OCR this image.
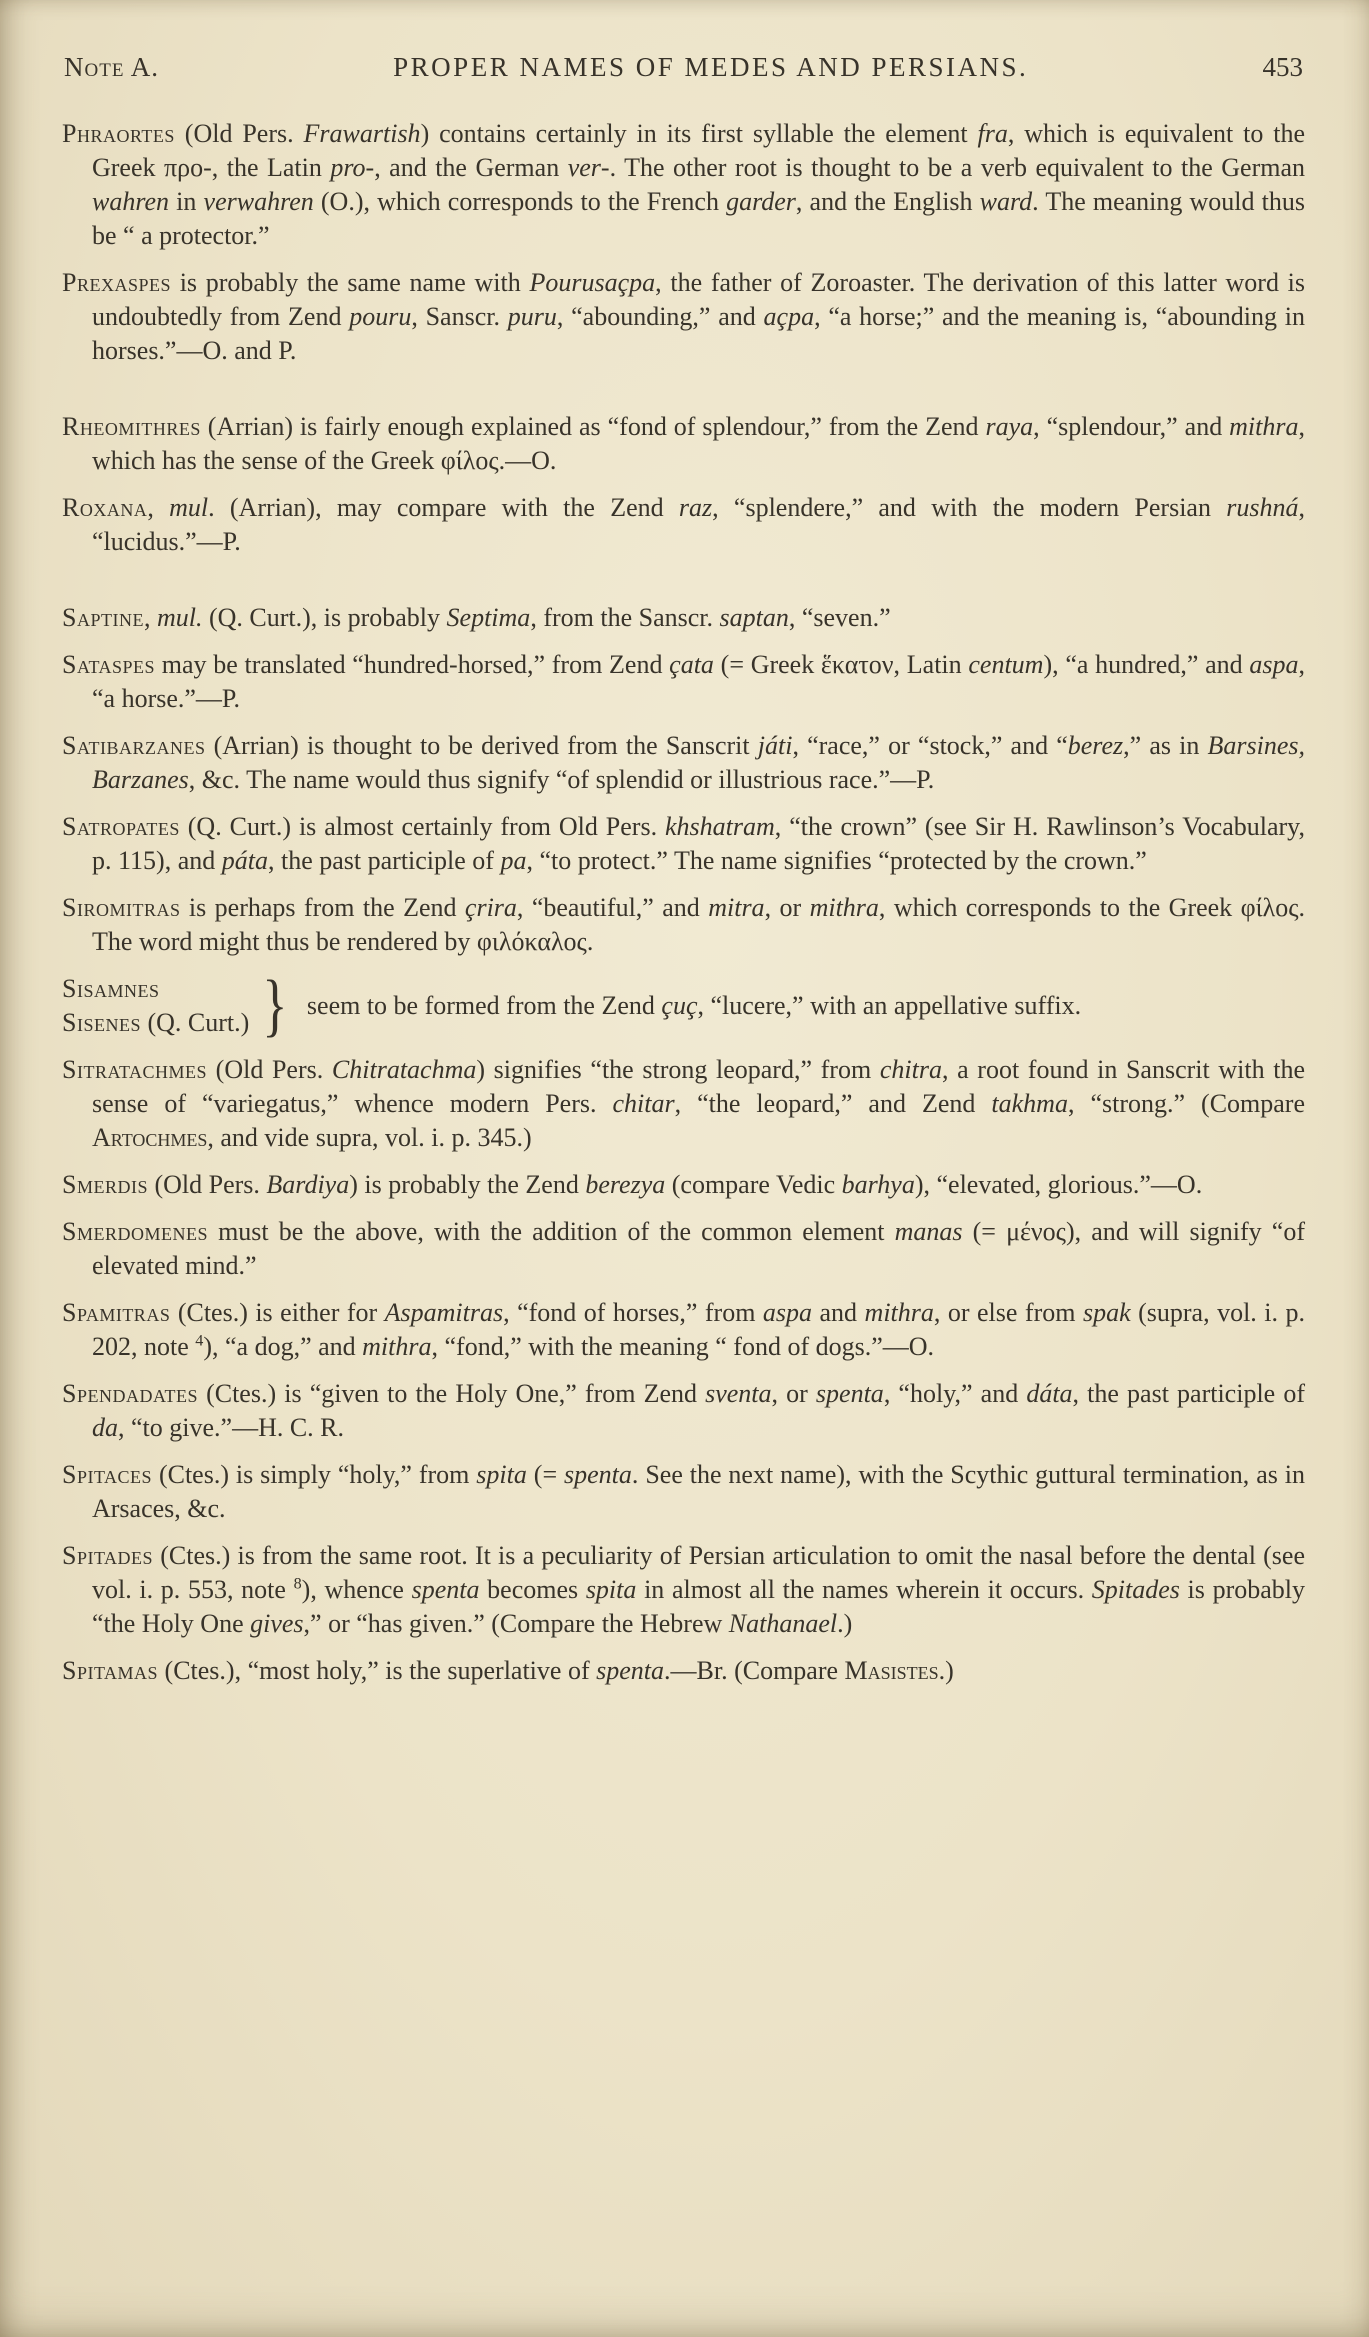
Note A.	PROPER NAMES OF MEDES AND PERSIANS.	453

Phraortes (Old Pers. Frawartish) contains certainly in its first syllable the element fra, which is equivalent to the Greek προ-, the Latin pro-, and the German ver-. The other root is thought to be a verb equivalent to the German wahren in verwahren (O.), which corresponds to the French garder, and the English ward. The meaning would thus be “ a protector.”

Prexaspes is probably the same name with Pourusaçpa, the father of Zoroaster. The derivation of this latter word is undoubtedly from Zend pouru, Sanscr. puru, “abounding,” and açpa, “a horse;” and the meaning is, “abounding in horses.”—O. and P.

Rheomithres (Arrian) is fairly enough explained as “fond of splendour,” from the Zend raya, “splendour,” and mithra, which has the sense of the Greek φίλος.—O.

Roxana, mul. (Arrian), may compare with the Zend raz, “splendere,” and with the modern Persian rushná, “lucidus.”—P.

Saptine, mul. (Q. Curt.), is probably Septima, from the Sanscr. saptan, “seven.”

Sataspes may be translated “hundred-horsed,” from Zend çata (= Greek ἕκατον, Latin centum), “a hundred,” and aspa, “a horse.”—P.

Satibarzanes (Arrian) is thought to be derived from the Sanscrit játi, “race,” or “stock,” and “berez,” as in Barsines, Barzanes, &c. The name would thus signify “of splendid or illustrious race.”—P.

Satropates (Q. Curt.) is almost certainly from Old Pers. khshatram, “the crown” (see Sir H. Rawlinson’s Vocabulary, p. 115), and páta, the past participle of pa, “to protect.” The name signifies “protected by the crown.”

Siromitras is perhaps from the Zend çrira, “beautiful,” and mitra, or mithra, which corresponds to the Greek φίλος. The word might thus be rendered by φιλόκαλος.

Sisamnes
Sisenes (Q. Curt.) } seem to be formed from the Zend çuç, “lucere,” with an appellative suffix.

Sitratachmes (Old Pers. Chitratachma) signifies “the strong leopard,” from chitra, a root found in Sanscrit with the sense of “variegatus,” whence modern Pers. chitar, “the leopard,” and Zend takhma, “strong.” (Compare Artochmes, and vide supra, vol. i. p. 345.)

Smerdis (Old Pers. Bardiya) is probably the Zend berezya (compare Vedic barhya), “elevated, glorious.”—O.

Smerdomenes must be the above, with the addition of the common element manas (= μένος), and will signify “of elevated mind.”

Spamitras (Ctes.) is either for Aspamitras, “fond of horses,” from aspa and mithra, or else from spak (supra, vol. i. p. 202, note $^4$), “a dog,” and mithra, “fond,” with the meaning “ fond of dogs.”—O.

Spendadates (Ctes.) is “given to the Holy One,” from Zend sventa, or spenta, “holy,” and dáta, the past participle of da, “to give.”—H. C. R.

Spitaces (Ctes.) is simply “holy,” from spita (= spenta. See the next name), with the Scythic guttural termination, as in Arsaces, &c.

Spitades (Ctes.) is from the same root. It is a peculiarity of Persian articulation to omit the nasal before the dental (see vol. i. p. 553, note $^8$), whence spenta becomes spita in almost all the names wherein it occurs. Spitades is probably “the Holy One gives,” or “has given.” (Compare the Hebrew Nathanael.)

Spitamas (Ctes.), “most holy,” is the superlative of spenta.—Br. (Compare Masistes.)
